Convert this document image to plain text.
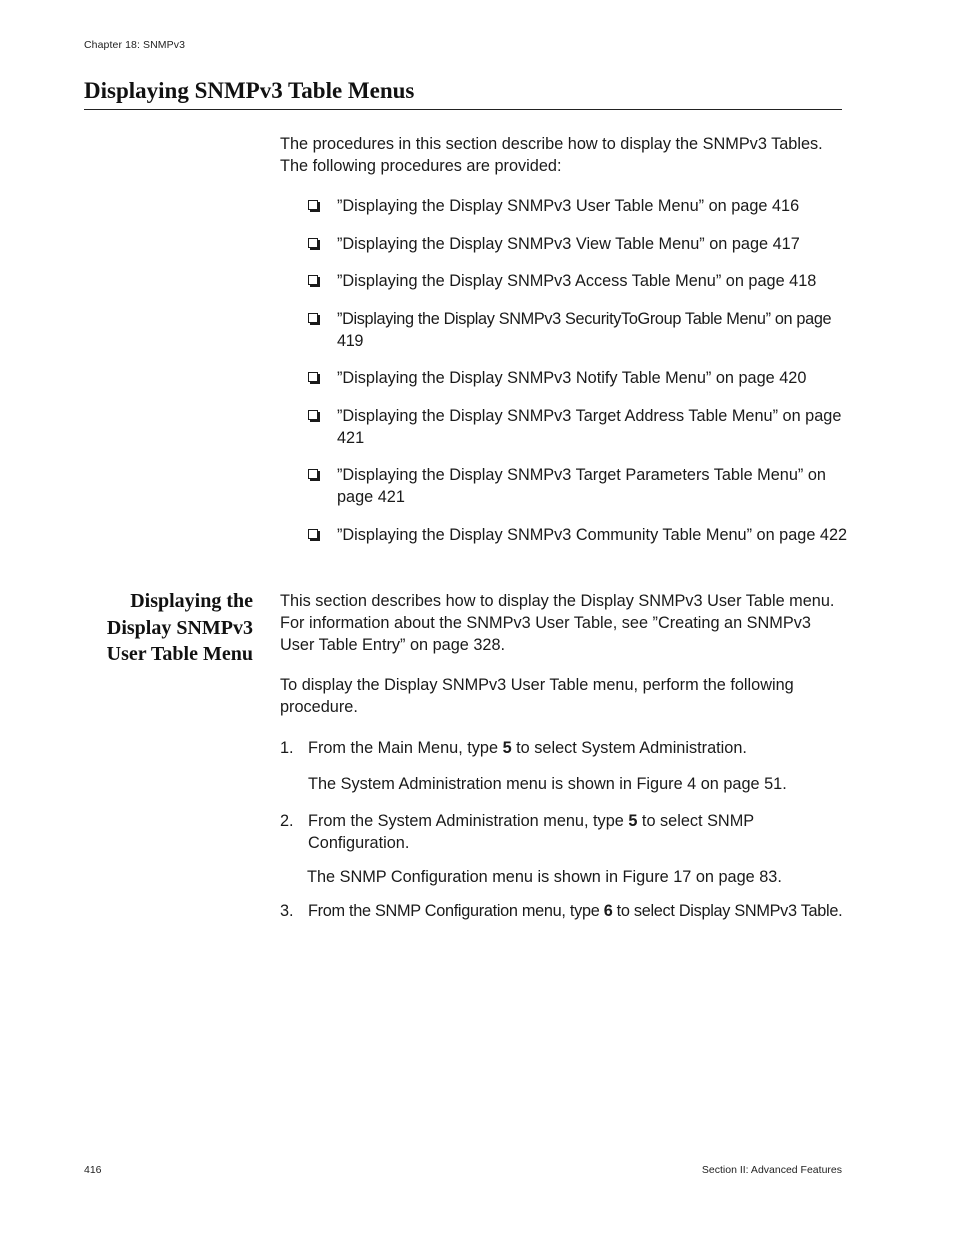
Chapter 18: SNMPv3
Displaying SNMPv3 Table Menus

The procedures in this section describe how to display the SNMPv3 Tables. The following procedures are provided:

”Displaying the Display SNMPv3 User Table Menu” on page 416
”Displaying the Display SNMPv3 View Table Menu” on page 417
”Displaying the Display SNMPv3 Access Table Menu” on page 418
”Displaying the Display SNMPv3 SecurityToGroup Table Menu” on page 419
”Displaying the Display SNMPv3 Notify Table Menu” on page 420
”Displaying the Display SNMPv3 Target Address Table Menu” on page 421
”Displaying the Display SNMPv3 Target Parameters Table Menu” on page 421
”Displaying the Display SNMPv3 Community Table Menu” on page 422
Displaying the Display SNMPv3 User Table Menu

This section describes how to display the Display SNMPv3 User Table menu. For information about the SNMPv3 User Table, see ”Creating an SNMPv3 User Table Entry” on page 328.

To display the Display SNMPv3 User Table menu, perform the following procedure.

1. From the Main Menu, type 5 to select System Administration.

The System Administration menu is shown in Figure 4 on page 51.

2. From the System Administration menu, type 5 to select SNMP Configuration.

The SNMP Configuration menu is shown in Figure 17 on page 83.

3. From the SNMP Configuration menu, type 6 to select Display SNMPv3 Table.
416	Section II: Advanced Features
